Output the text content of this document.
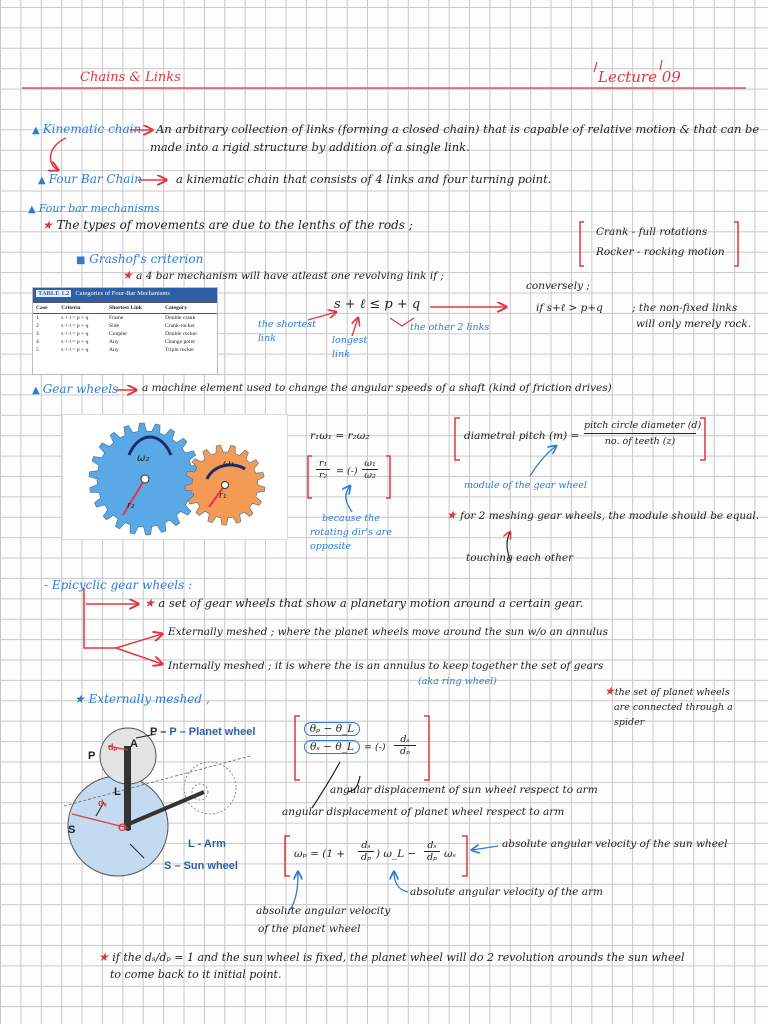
Chains & Links	Lecture 09
▲ Kinematic chain An arbitrary collection of links (forming a closed chain) that is capable of relative motion & that can be
made into a rigid structure by addition of a single link.
▲ Four Bar Chain	a kinematic chain that consists of 4 links and four turning point.
▲ Four bar mechanisms
★ The types of movements are due to the lenths of the rods ;	Crank - full rotations
Rocker - rocking motion
■ Grashof's criterion
★ a 4 bar mechanism will have atleast one revolving link if ;
TABLE 1.2 Categories of Four-Bar Mechanisms
Case	Criteria	Shortest Link	Category
1	s + l < p + q	Frame	Double crank
2	s + l < p + q	Side	Crank-rocker
3	s + l < p + q	Coupler	Double rocker
4	s + l = p + q	Any	Change point
5	s + l > p + q	Any	Triple rocker
s + ℓ ≤ p + q
the shortest link	longest link
the other 2 links
conversely ;
if s+ℓ > p+q	; the non-fixed links
will only merely rock.
▲ Gear wheels a machine element used to change the angular speeds of a shaft (kind of friction drives)
ω₂	ω₁
r₂
r₁
r₁ω₁ = r₂ω₂
$\frac{\text{r₁}}{\text{r₂}}$ = (-) $\frac{\text{ω₁}}{\text{ω₂}}$
because the
rotating dir's are
opposite
diametral pitch (m) =
pitch circle diameter (d)
no. of teeth (z)
module of the gear wheel
★ for 2 meshing gear wheels, the module should be equal.
touching each other
- Epicyclic gear wheels :
★ a set of gear wheels that show a planetary motion around a certain gear.
Externally meshed ; where the planet wheels move around the sun w/o an annulus
Internally meshed ; it is where the is an annulus to keep together the set of gears
(aka ring wheel)
★the set of planet wheels
are connected through a
spider
★ Externally meshed ,
P – P – Planet wheel
A
P
dₚ
L
dₛ
O
S
L - Arm
S – Sun wheel
$\frac{\text{θₚ − θ\_L}}{\text{θₛ − θ\_L}}$ = (-) $\frac{\text{dₛ}}{\text{dₚ}}$
angular displacement of sun wheel respect to arm
angular displacement of planet wheel respect to arm
$\omega_p = (1 + \frac{\text{dₛ}}{\text{dₚ}}$ ) ω_L − $\frac{\text{dₛ}}{\text{dₚ}}$ ωₛ
absolute angular velocity of the sun wheel
absolute angular velocity of the arm
absolute angular velocity
of the planet wheel
★ if the dₛ/dₚ = 1 and the sun wheel is fixed, the planet wheel will do 2 revolution arounds the sun wheel
to come back to it initial point.
